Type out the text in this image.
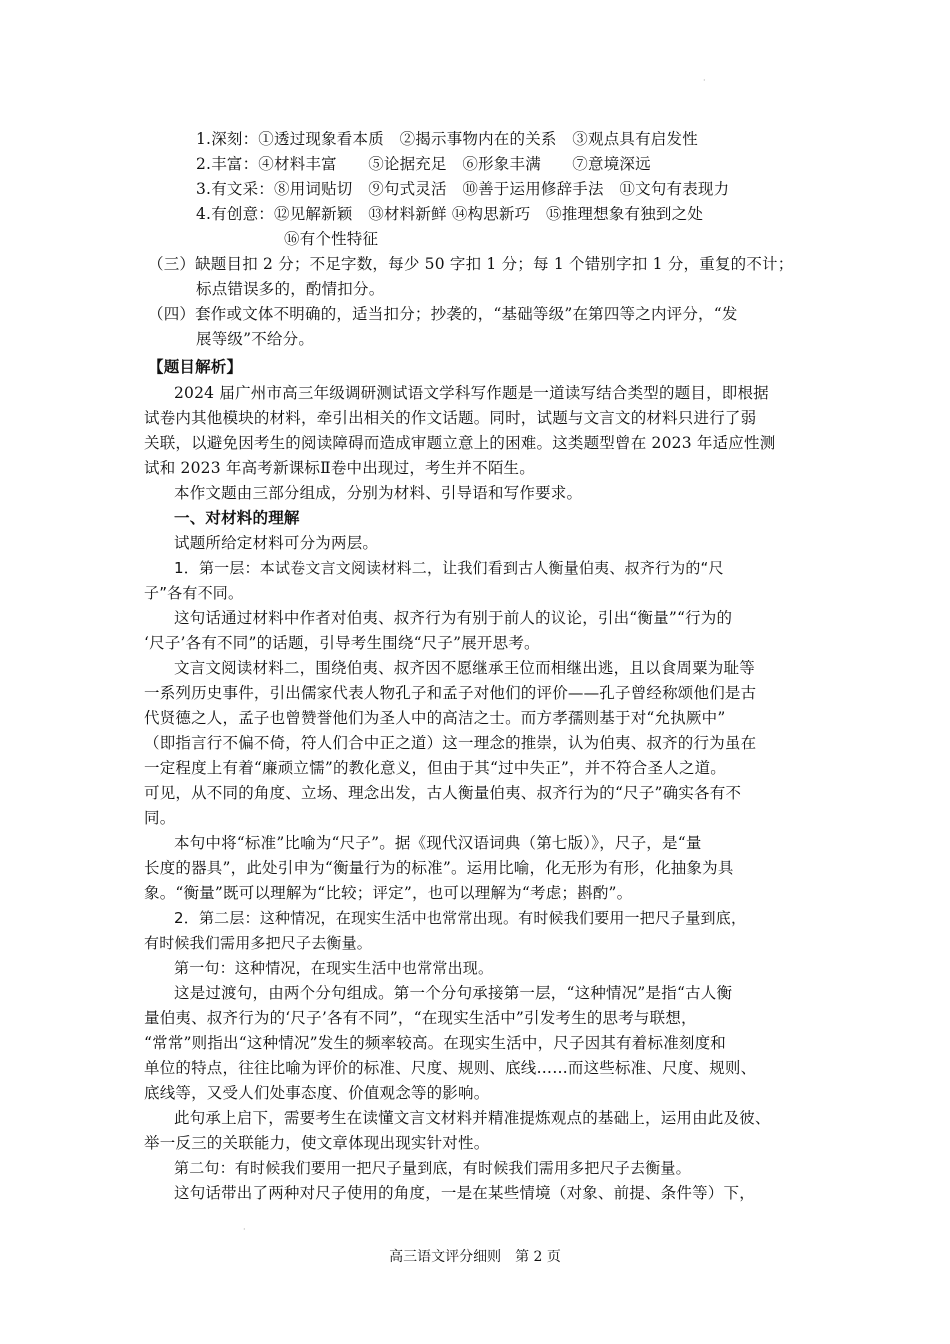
·
1.深刻：①透过现象看本质　②揭示事物内在的关系　③观点具有启发性
2.丰富：④材料丰富　　⑤论据充足　⑥形象丰满　　⑦意境深远
3.有文采：⑧用词贴切　⑨句式灵活　⑩善于运用修辞手法　⑪文句有表现力
4.有创意：⑫见解新颖　⑬材料新鲜 ⑭构思新巧　⑮推理想象有独到之处
⑯有个性特征
（三）缺题目扣 2 分；不足字数，每少 50 字扣 1 分；每 1 个错别字扣 1 分，重复的不计；
标点错误多的，酌情扣分。
（四）套作或文体不明确的，适当扣分；抄袭的，“基础等级”在第四等之内评分，“发
展等级”不给分。
【题目解析】
2024 届广州市高三年级调研测试语文学科写作题是一道读写结合类型的题目，即根据
试卷内其他模块的材料，牵引出相关的作文话题。同时，试题与文言文的材料只进行了弱
关联，以避免因考生的阅读障碍而造成审题立意上的困难。这类题型曾在 2023 年适应性测
试和 2023 年高考新课标Ⅱ卷中出现过，考生并不陌生。
本作文题由三部分组成，分别为材料、引导语和写作要求。
一、对材料的理解
试题所给定材料可分为两层。
1．第一层：本试卷文言文阅读材料二，让我们看到古人衡量伯夷、叔齐行为的“尺
子”各有不同。
这句话通过材料中作者对伯夷、叔齐行为有别于前人的议论，引出“衡量”“行为的
‘尺子’各有不同”的话题，引导考生围绕“尺子”展开思考。
文言文阅读材料二，围绕伯夷、叔齐因不愿继承王位而相继出逃，且以食周粟为耻等
一系列历史事件，引出儒家代表人物孔子和孟子对他们的评价——孔子曾经称颂他们是古
代贤德之人，孟子也曾赞誉他们为圣人中的高洁之士。而方孝孺则基于对“允执厥中”
（即指言行不偏不倚，符人们合中正之道）这一理念的推崇，认为伯夷、叔齐的行为虽在
一定程度上有着“廉顽立懦”的教化意义，但由于其“过中失正”，并不符合圣人之道。
可见，从不同的角度、立场、理念出发，古人衡量伯夷、叔齐行为的“尺子”确实各有不
同。
本句中将“标准”比喻为“尺子”。据《现代汉语词典（第七版）》，尺子，是“量
长度的器具”，此处引申为“衡量行为的标准”。运用比喻，化无形为有形，化抽象为具
象。“衡量”既可以理解为“比较；评定”，也可以理解为“考虑；斟酌”。
2．第二层：这种情况，在现实生活中也常常出现。有时候我们要用一把尺子量到底，
有时候我们需用多把尺子去衡量。
第一句：这种情况，在现实生活中也常常出现。
这是过渡句，由两个分句组成。第一个分句承接第一层，“这种情况”是指“古人衡
量伯夷、叔齐行为的‘尺子’各有不同”，“在现实生活中”引发考生的思考与联想，
“常常”则指出“这种情况”发生的频率较高。在现实生活中，尺子因其有着标准刻度和
单位的特点，往往比喻为评价的标准、尺度、规则、底线……而这些标准、尺度、规则、
底线等，又受人们处事态度、价值观念等的影响。
此句承上启下，需要考生在读懂文言文材料并精准提炼观点的基础上，运用由此及彼、
举一反三的关联能力，使文章体现出现实针对性。
第二句：有时候我们要用一把尺子量到底，有时候我们需用多把尺子去衡量。
这句话带出了两种对尺子使用的角度，一是在某些情境（对象、前提、条件等）下，
·
高三语文评分细则　第 2 页
